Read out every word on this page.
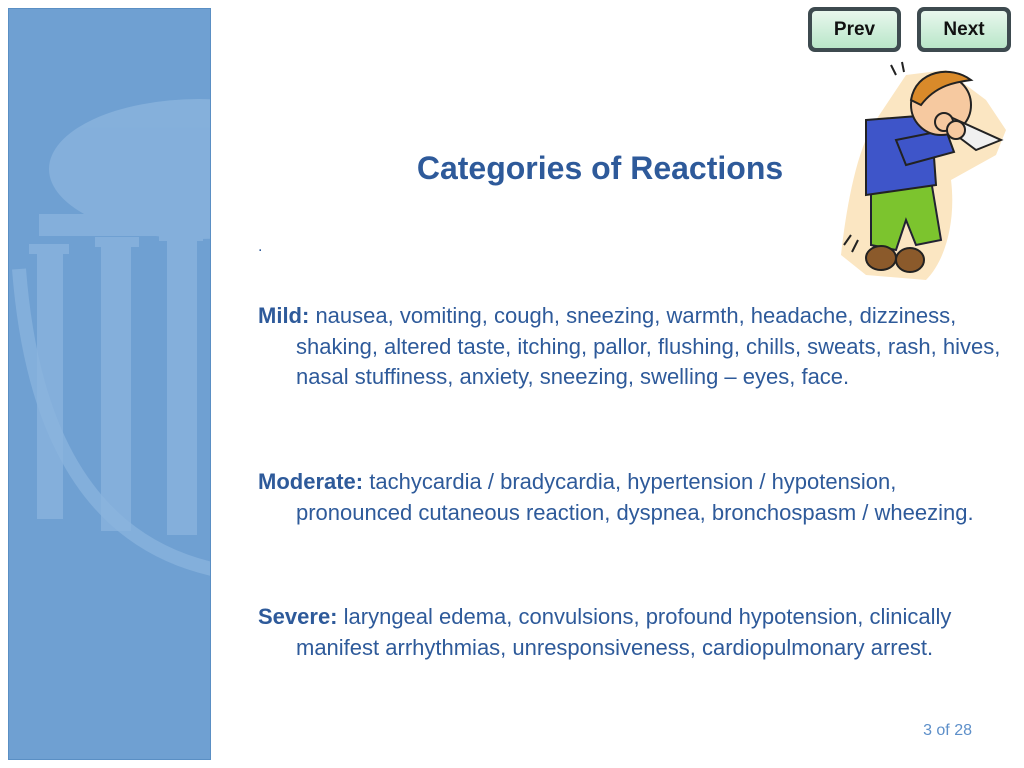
Prev	Next
Categories of Reactions
.

Mild: nausea, vomiting, cough, sneezing, warmth, headache, dizziness, shaking, altered taste, itching, pallor, flushing, chills, sweats, rash, hives, nasal stuffiness, anxiety, sneezing, swelling – eyes, face.

Moderate: tachycardia / bradycardia, hypertension / hypotension, pronounced cutaneous reaction, dyspnea, bronchospasm / wheezing.

Severe: laryngeal edema, convulsions, profound hypotension, clinically manifest arrhythmias, unresponsiveness, cardiopulmonary arrest.

3 of 28
